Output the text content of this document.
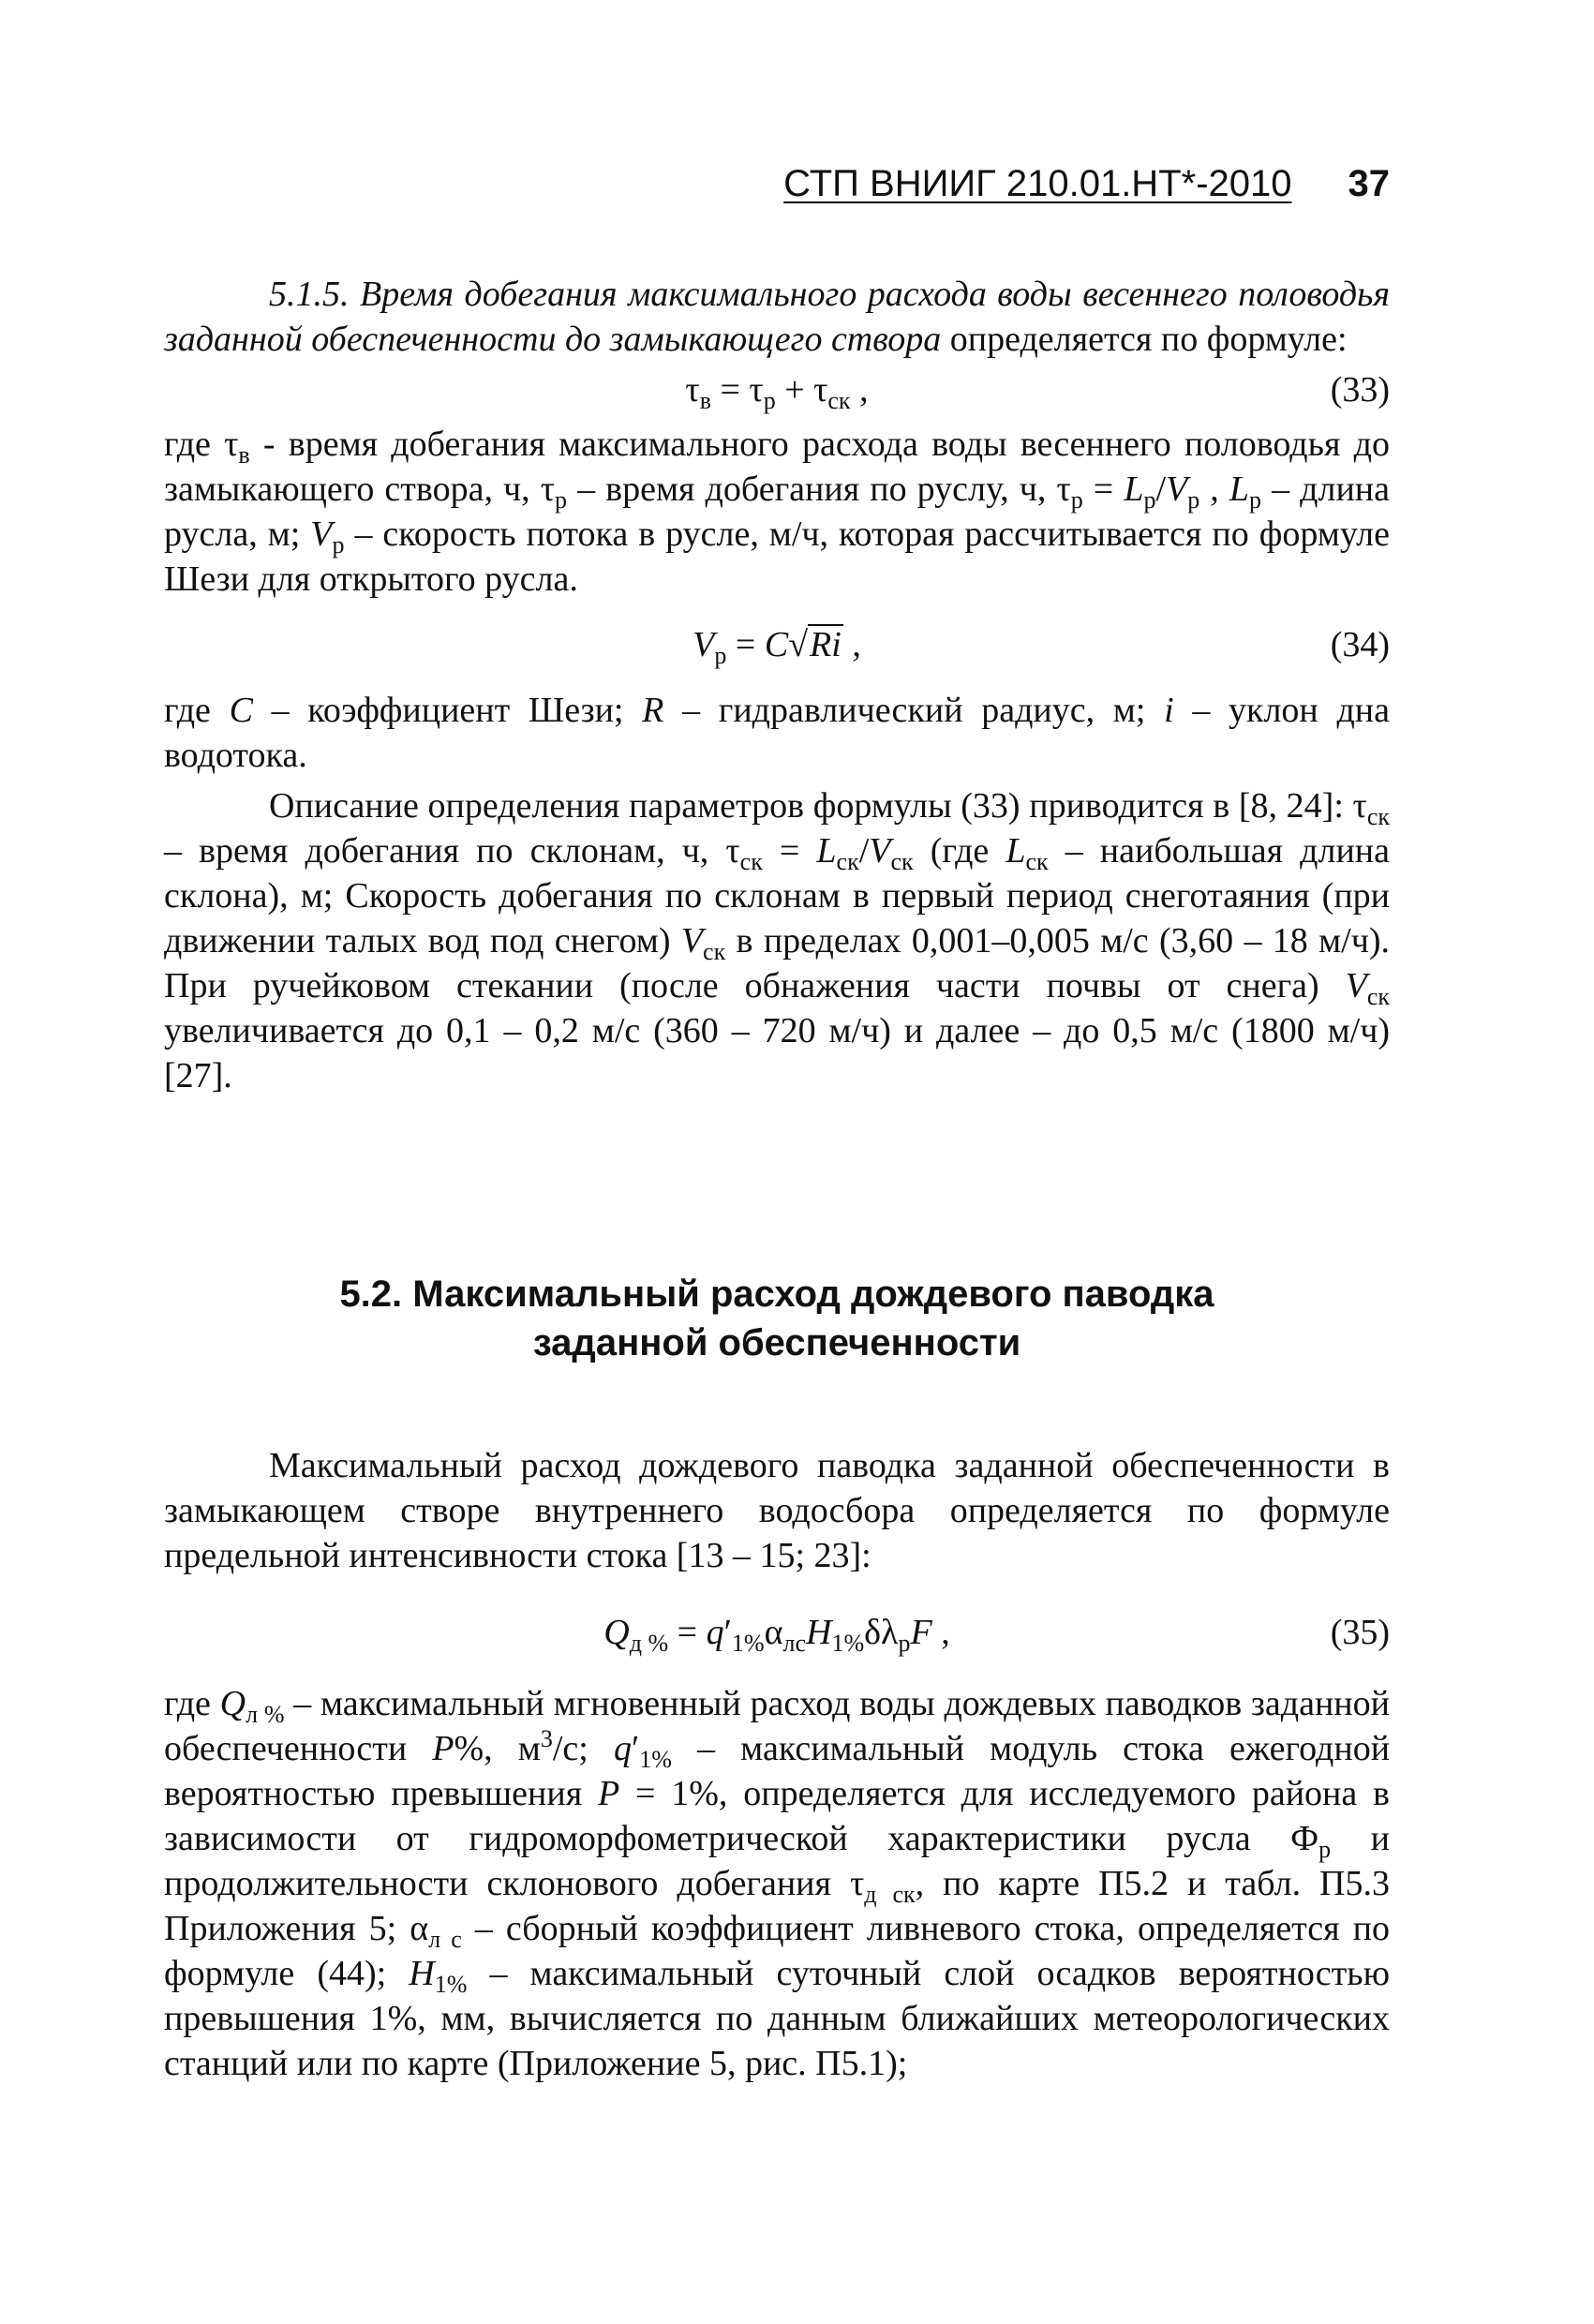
СТП ВНИИГ 210.01.НТ*-2010 37

5.1.5. Время добегания максимального расхода воды весеннего половодья заданной обеспеченности до замыкающего створа определяется по формуле:

$\tau_в = \tau_р + \tau_{ск}$ ,	(33)

где $\tau_в$ - время добегания максимального расхода воды весеннего половодья до замыкающего створа, ч, $\tau_р$ – время добегания по руслу, ч, $\tau_р = L_р/V_р$ , $L_р$ – длина русла, м; $V_р$ – скорость потока в русле, м/ч, которая рассчитывается по формуле Шези для открытого русла.

$V_р = C√Ri$ ,	(34)

где C – коэффициент Шези; R – гидравлический радиус, м; i – уклон дна водотока.

Описание определения параметров формулы (33) приводится в [8, 24]: $\tau_{ск}$ – время добегания по склонам, ч, $\tau_{ск} = L_{ск}/V_{ск}$ (где $L_{ск}$ – наибольшая длина склона), м; Скорость добегания по склонам в первый период снеготаяния (при движении талых вод под снегом) $V_{ск}$ в пределах 0,001–0,005 м/с (3,60 – 18 м/ч). При ручейковом стекании (после обнажения части почвы от снега) $V_{ск}$ увеличивается до 0,1 – 0,2 м/с (360 – 720 м/ч) и далее – до 0,5 м/с (1800 м/ч) [27].

5.2. Максимальный расход дождевого паводка
заданной обеспеченности

Максимальный расход дождевого паводка заданной обеспеченности в замыкающем створе внутреннего водосбора определяется по формуле предельной интенсивности стока [13 – 15; 23]:

$Q_{д \%} = q'_{1\%}\alpha_{лс}H_{1\%}\delta\lambda_рF$ ,	(35)

где $Q_{л \%}$ – максимальный мгновенный расход воды дождевых паводков заданной обеспеченности P%, $м^3/с$; $q'_{1\%}$ – максимальный модуль стока ежегодной вероятностью превышения P = 1%, определяется для исследуемого района в зависимости от гидроморфометрической характеристики русла $Ф_р$ и продолжительности склонового добегания $\tau_{д ск}$, по карте П5.2 и табл. П5.3 Приложения 5; $\alpha_{л с}$ – сборный коэффициент ливневого стока, определяется по формуле (44); $H_{1\%}$ – максимальный суточный слой осадков вероятностью превышения 1%, мм, вычисляется по данным ближайших метеорологических станций или по карте (Приложение 5, рис. П5.1);
